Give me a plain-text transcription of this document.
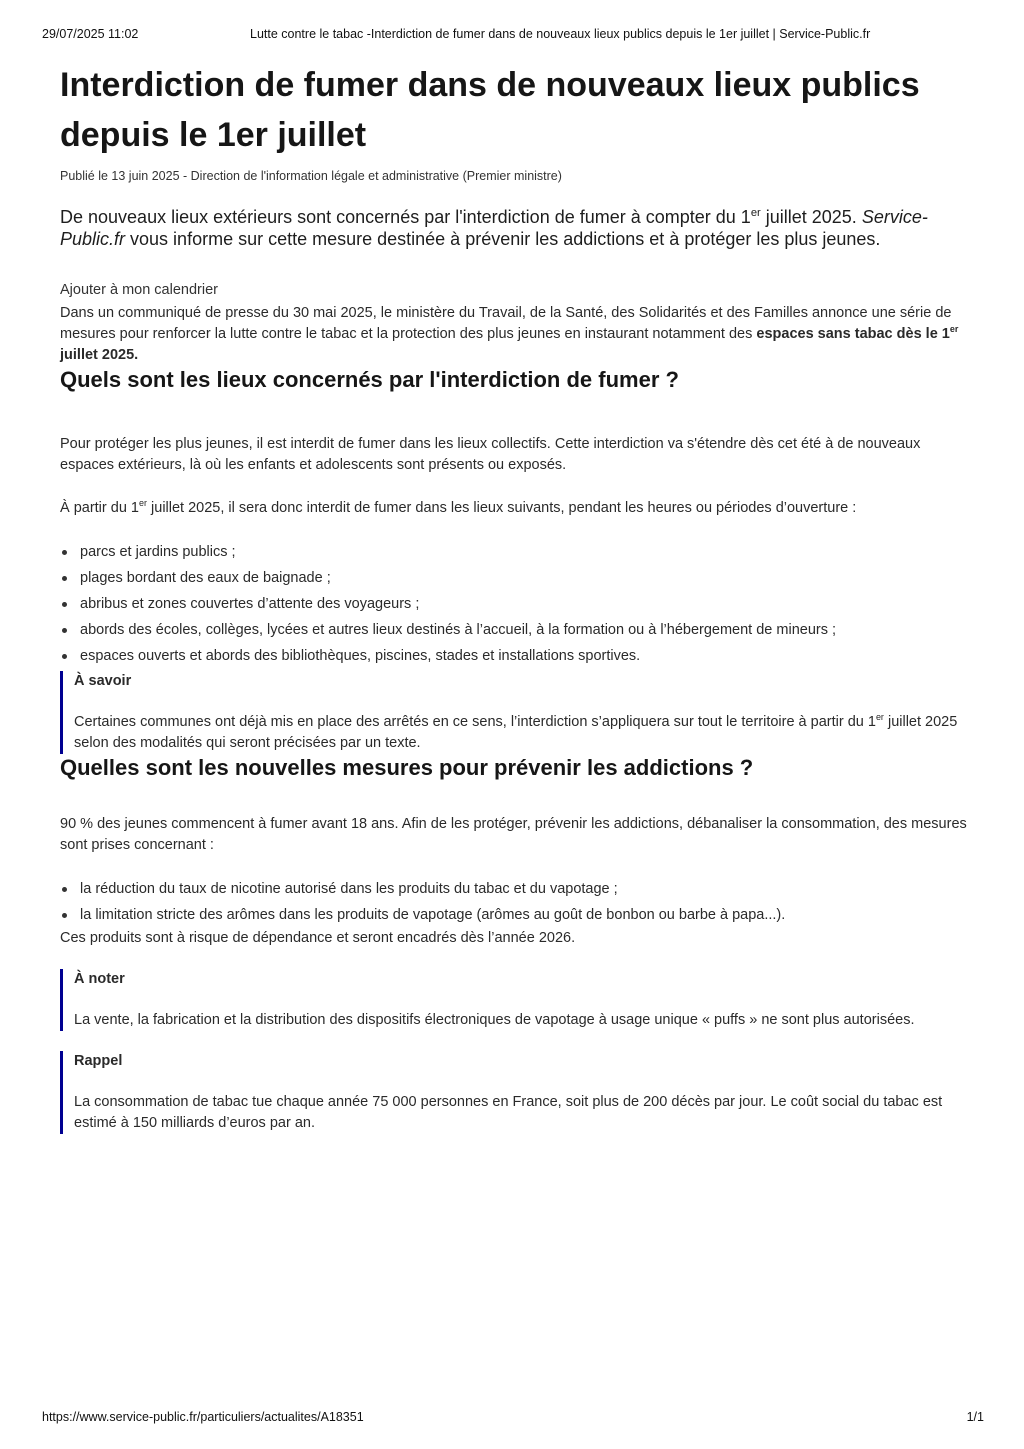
29/07/2025 11:02	Lutte contre le tabac -Interdiction de fumer dans de nouveaux lieux publics depuis le 1er juillet | Service-Public.fr
Interdiction de fumer dans de nouveaux lieux publics depuis le 1er juillet
Publié le 13 juin 2025 - Direction de l'information légale et administrative (Premier ministre)
De nouveaux lieux extérieurs sont concernés par l'interdiction de fumer à compter du 1er juillet 2025. Service-Public.fr vous informe sur cette mesure destinée à prévenir les addictions et à protéger les plus jeunes.
Ajouter à mon calendrier
Dans un communiqué de presse du 30 mai 2025, le ministère du Travail, de la Santé, des Solidarités et des Familles annonce une série de mesures pour renforcer la lutte contre le tabac et la protection des plus jeunes en instaurant notamment des espaces sans tabac dès le 1er juillet 2025.
Quels sont les lieux concernés par l'interdiction de fumer ?
Pour protéger les plus jeunes, il est interdit de fumer dans les lieux collectifs. Cette interdiction va s'étendre dès cet été à de nouveaux espaces extérieurs, là où les enfants et adolescents sont présents ou exposés.
À partir du 1er juillet 2025, il sera donc interdit de fumer dans les lieux suivants, pendant les heures ou périodes d’ouverture :
parcs et jardins publics ;
plages bordant des eaux de baignade ;
abribus et zones couvertes d’attente des voyageurs ;
abords des écoles, collèges, lycées et autres lieux destinés à l’accueil, à la formation ou à l’hébergement de mineurs ;
espaces ouverts et abords des bibliothèques, piscines, stades et installations sportives.
À savoir
Certaines communes ont déjà mis en place des arrêtés en ce sens, l’interdiction s’appliquera sur tout le territoire à partir du 1er juillet 2025 selon des modalités qui seront précisées par un texte.
Quelles sont les nouvelles mesures pour prévenir les addictions ?
90 % des jeunes commencent à fumer avant 18 ans. Afin de les protéger, prévenir les addictions, débanaliser la consommation, des mesures sont prises concernant :
la réduction du taux de nicotine autorisé dans les produits du tabac et du vapotage ;
la limitation stricte des arômes dans les produits de vapotage (arômes au goût de bonbon ou barbe à papa...).
Ces produits sont à risque de dépendance et seront encadrés dès l’année 2026.
À noter
La vente, la fabrication et la distribution des dispositifs électroniques de vapotage à usage unique « puffs » ne sont plus autorisées.
Rappel
La consommation de tabac tue chaque année 75 000 personnes en France, soit plus de 200 décès par jour. Le coût social du tabac est estimé à 150 milliards d’euros par an.
https://www.service-public.fr/particuliers/actualites/A18351	1/1
